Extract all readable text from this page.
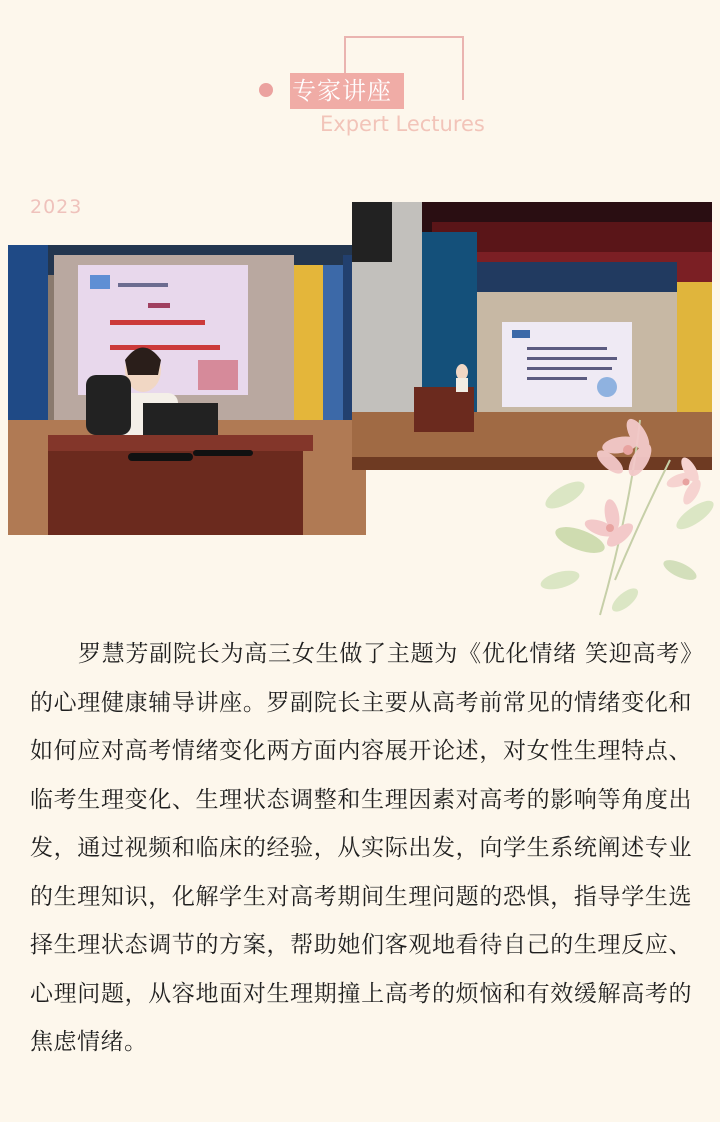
专家讲座
Expert Lectures
2023
罗慧芳副院长为高三女生做了主题为《优化情绪 笑迎高考》的心理健康辅导讲座。罗副院长主要从高考前常见的情绪变化和如何应对高考情绪变化两方面内容展开论述，对女性生理特点、临考生理变化、生理状态调整和生理因素对高考的影响等角度出发，通过视频和临床的经验，从实际出发，向学生系统阐述专业的生理知识，化解学生对高考期间生理问题的恐惧，指导学生选择生理状态调节的方案，帮助她们客观地看待自己的生理反应、心理问题，从容地面对生理期撞上高考的烦恼和有效缓解高考的焦虑情绪。
